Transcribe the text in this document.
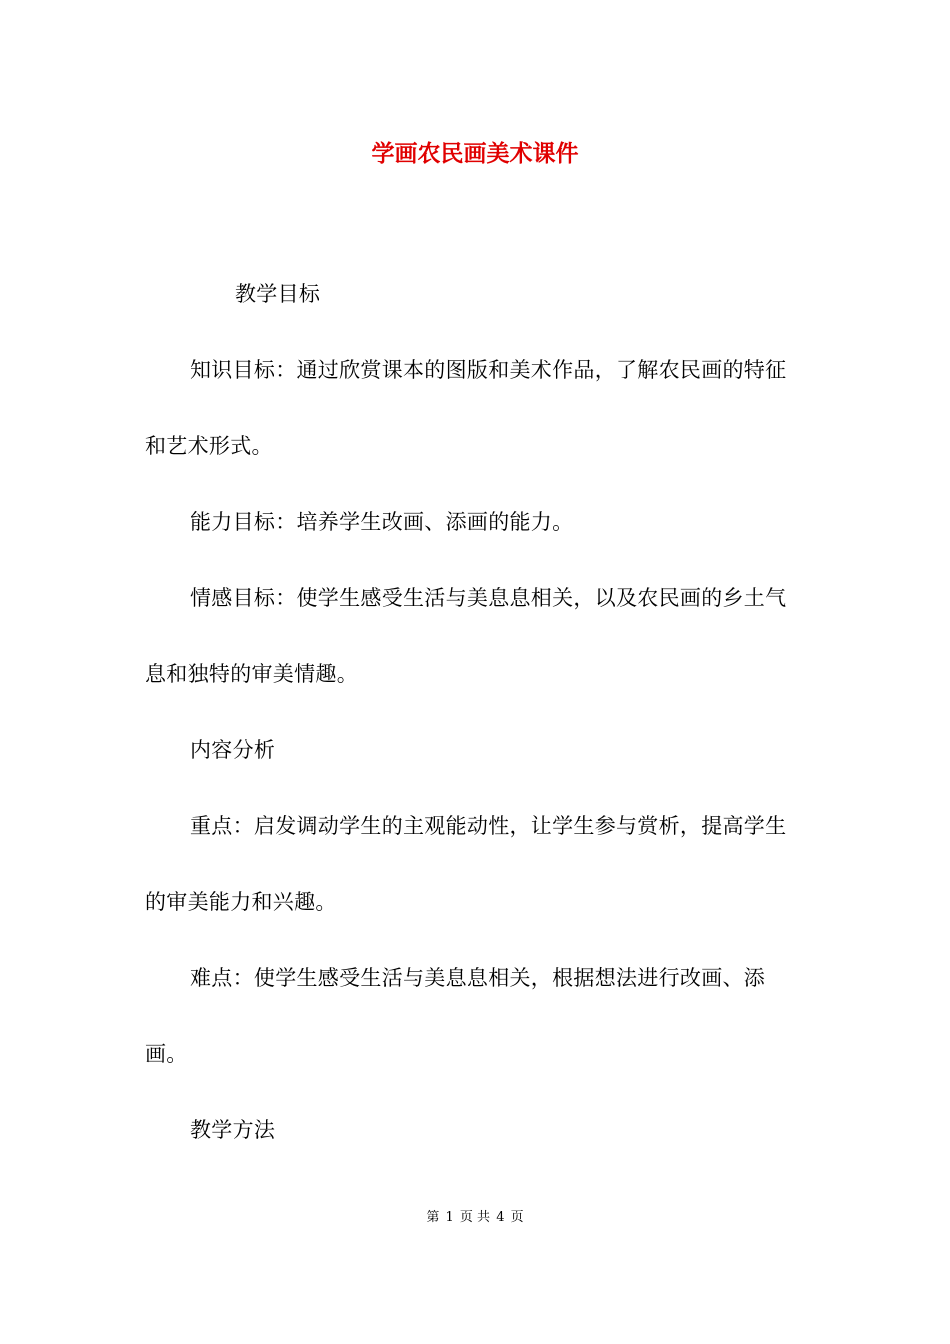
学画农民画美术课件

教学目标

知识目标：通过欣赏课本的图版和美术作品，了解农民画的特征和艺术形式。

能力目标：培养学生改画、添画的能力。

情感目标：使学生感受生活与美息息相关，以及农民画的乡土气息和独特的审美情趣。

内容分析

重点：启发调动学生的主观能动性，让学生参与赏析，提高学生的审美能力和兴趣。

难点：使学生感受生活与美息息相关，根据想法进行改画、添画。

教学方法

第 1 页 共 4 页
